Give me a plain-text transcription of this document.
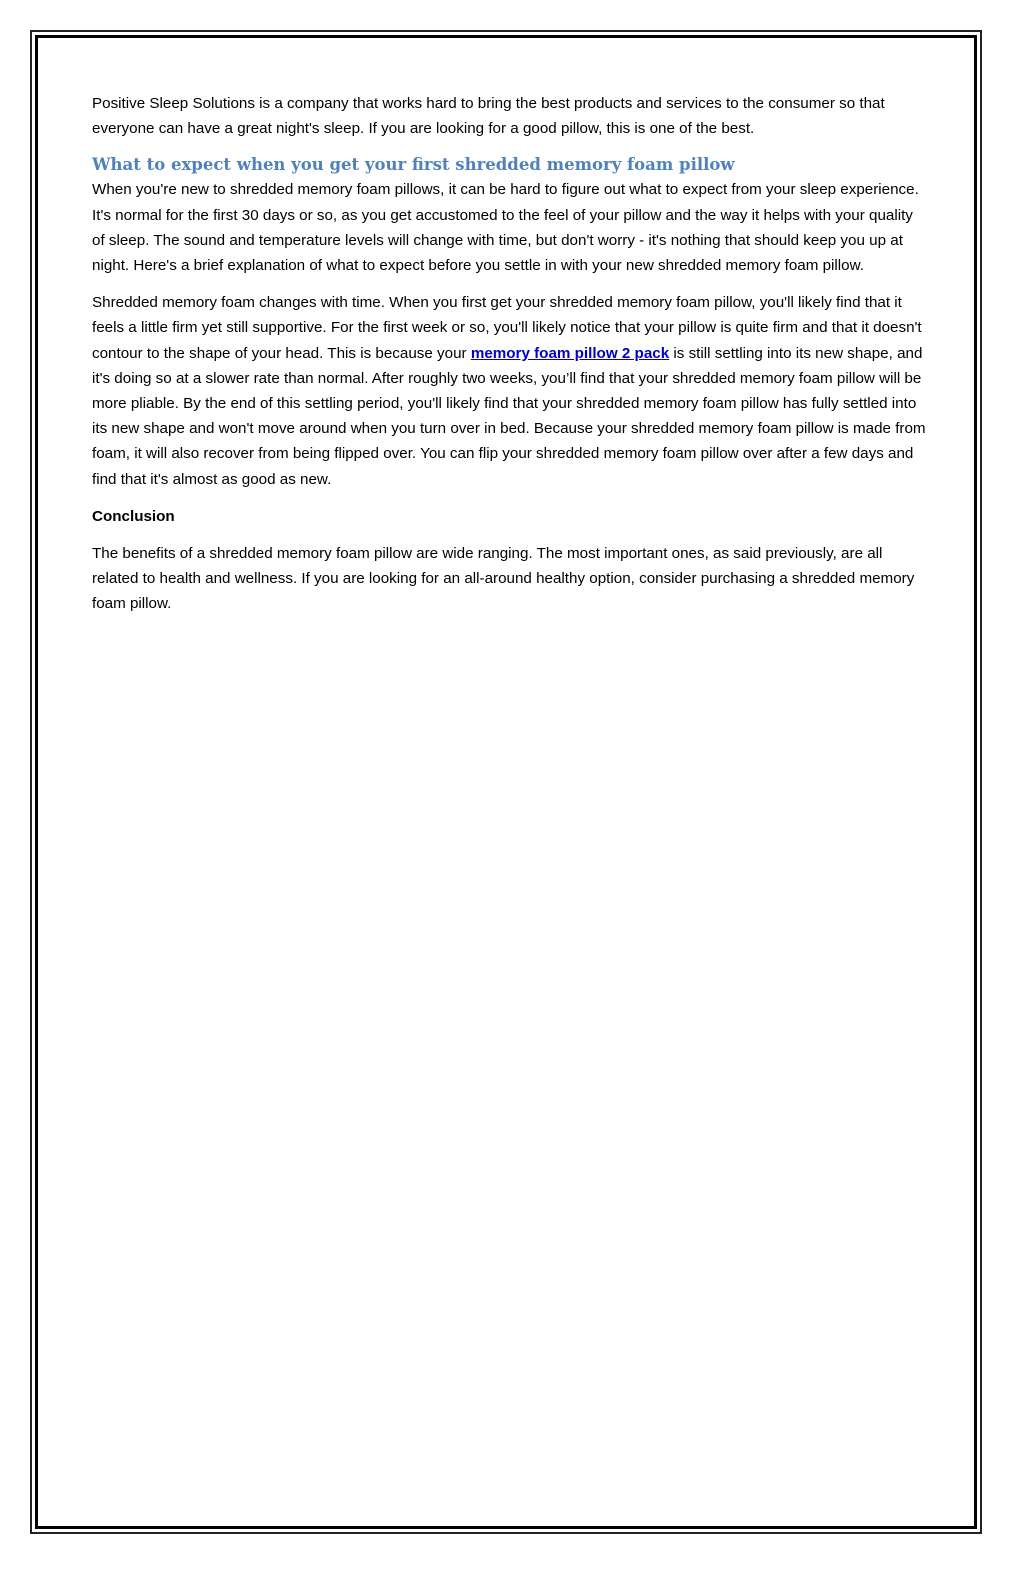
Positive Sleep Solutions is a company that works hard to bring the best products and services to the consumer so that everyone can have a great night's sleep. If you are looking for a good pillow, this is one of the best.

What to expect when you get your first shredded memory foam pillow

When you're new to shredded memory foam pillows, it can be hard to figure out what to expect from your sleep experience. It's normal for the first 30 days or so, as you get accustomed to the feel of your pillow and the way it helps with your quality of sleep. The sound and temperature levels will change with time, but don't worry - it's nothing that should keep you up at night. Here's a brief explanation of what to expect before you settle in with your new shredded memory foam pillow.

Shredded memory foam changes with time. When you first get your shredded memory foam pillow, you'll likely find that it feels a little firm yet still supportive. For the first week or so, you'll likely notice that your pillow is quite firm and that it doesn't contour to the shape of your head. This is because your memory foam pillow 2 pack is still settling into its new shape, and it's doing so at a slower rate than normal. After roughly two weeks, you’ll find that your shredded memory foam pillow will be more pliable. By the end of this settling period, you'll likely find that your shredded memory foam pillow has fully settled into its new shape and won't move around when you turn over in bed. Because your shredded memory foam pillow is made from foam, it will also recover from being flipped over. You can flip your shredded memory foam pillow over after a few days and find that it's almost as good as new.

Conclusion

The benefits of a shredded memory foam pillow are wide ranging. The most important ones, as said previously, are all related to health and wellness. If you are looking for an all-around healthy option, consider purchasing a shredded memory foam pillow.
